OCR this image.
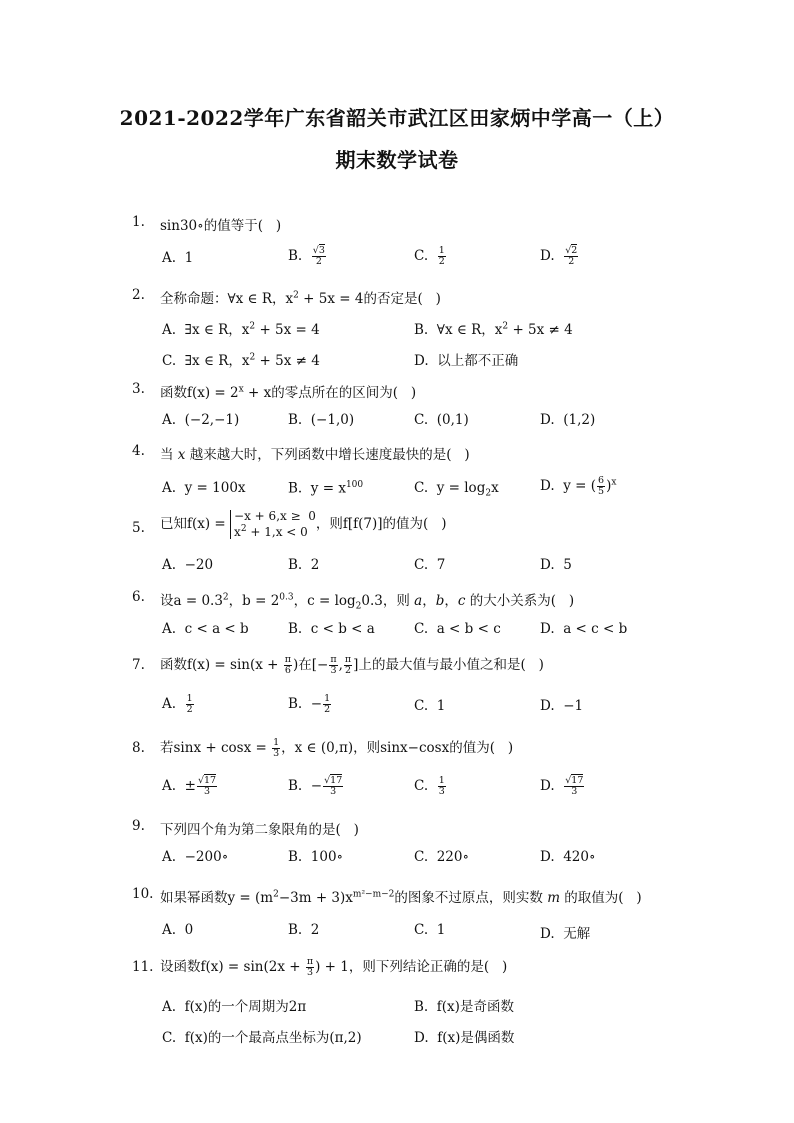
2021-2022学年广东省韶关市武江区田家炳中学高一（上）
期末数学试卷
1. sin30∘的值等于(   )
A.  1	B. $\frac{√3}{2}$	C. $\frac{1}{2}$	D. $\frac{√2}{2}$
2. 全称命题：∀x ∈ R，$x^2 + 5x = 4$的否定是(   )
A.  ∃x ∈ R，$x^2 + 5x = 4$	B.  ∀x ∈ R，$x^2 + 5x \ne 4$
C.  ∃x ∈ R，$x^2 + 5x \ne 4$	D.  以上都不正确
3. 函数$f(x) = 2^x + x$的零点所在的区间为(   )
A.  (−2,−1)	B.  (−1,0)	C.  (0,1)	D.  (1,2)
4. 当 x 越来越大时，下列函数中增长速度最快的是(   )
A.  y = 100x	B.  $y = x^{100}$	C.  $y = \log_2x$	D.  y = ( $\frac{6}{5} )^x$
5. 已知f(x) = −x + 6,x ≥  0
$x^2 + 1,x < 0$ ，则f[f(7)]的值为(   )
A.  −20	B.  2	C.  7	D.  5
6. 设$a = 0.3^2$，$b = 2^{0.3}$，$c = \log_20.3$，则 a，b，c 的大小关系为(   )
A.  c < a < b	B.  c < b < a	C.  a < b < c	D.  a < c < b
7. 函数$f(x) = \sin(x + \frac{\pi}{6}$ )在[− $\frac{\pi}{3}$ , $\frac{\pi}{2}$ ]上的最大值与最小值之和是(   )
A. $\frac{1}{2}$	B.  − $\frac{1}{2}$	C.  1	D.  −1
8. 若$\sin x + \cos x = \frac{1}{3}$ ，x ∈ (0,π)，则sinx−cosx的值为(   )
A.  ± $\frac{√17}{3}$	B.  − $\frac{√17}{3}$	C. $\frac{1}{3}$	D. $\frac{√17}{3}$
9. 下列四个角为第二象限角的是(   )
A.  −200∘	B.  100∘	C.  220∘	D.  420∘
10. 如果幂函数$y = (m^2-3m + 3)x^{m^2-m-2}$的图象不过原点，则实数 m 的取值为(   )
A.  0	B.  2	C.  1	D.  无解
11. 设函数$f(x) = \sin(2x + \frac{\pi}{3}$ ) + 1，则下列结论正确的是(   )
A.  f(x)的一个周期为2π	B.  f(x)是奇函数
C.  f(x)的一个最高点坐标为(π,2)	D.  f(x)是偶函数
